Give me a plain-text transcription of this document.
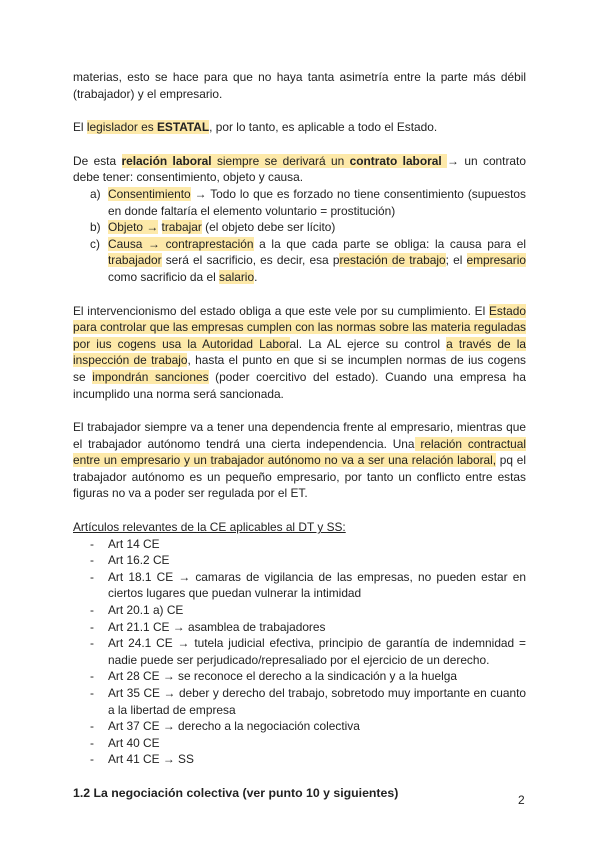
materias, esto se hace para que no haya tanta asimetría entre la parte más débil (trabajador) y el empresario.

El legislador es ESTATAL, por lo tanto, es aplicable a todo el Estado.

De esta relación laboral siempre se derivará un contrato laboral → un contrato debe tener: consentimiento, objeto y causa.

a) Consentimiento → Todo lo que es forzado no tiene consentimiento (supuestos en donde faltaría el elemento voluntario = prostitución)
b) Objeto → trabajar (el objeto debe ser lícito)
c) Causa → contraprestación a la que cada parte se obliga: la causa para el trabajador será el sacrificio, es decir, esa prestación de trabajo; el empresario como sacrificio da el salario.

El intervencionismo del estado obliga a que este vele por su cumplimiento. El Estado para controlar que las empresas cumplen con las normas sobre las materia reguladas por ius cogens usa la Autoridad Laboral. La AL ejerce su control a través de la inspección de trabajo, hasta el punto en que si se incumplen normas de ius cogens se impondrán sanciones (poder coercitivo del estado). Cuando una empresa ha incumplido una norma será sancionada.

El trabajador siempre va a tener una dependencia frente al empresario, mientras que el trabajador autónomo tendrá una cierta independencia. Una relación contractual entre un empresario y un trabajador autónomo no va a ser una relación laboral, pq el trabajador autónomo es un pequeño empresario, por tanto un conflicto entre estas figuras no va a poder ser regulada por el ET.

Artículos relevantes de la CE aplicables al DT y SS:

- Art 14 CE
- Art 16.2 CE
- Art 18.1 CE → camaras de vigilancia de las empresas, no pueden estar en ciertos lugares que puedan vulnerar la intimidad
- Art 20.1 a) CE
- Art 21.1 CE → asamblea de trabajadores
- Art 24.1 CE → tutela judicial efectiva, principio de garantía de indemnidad = nadie puede ser perjudicado/represaliado por el ejercicio de un derecho.
- Art 28 CE → se reconoce el derecho a la sindicación y a la huelga
- Art 35 CE → deber y derecho del trabajo, sobretodo muy importante en cuanto a la libertad de empresa
- Art 37 CE → derecho a la negociación colectiva
- Art 40 CE
- Art 41 CE → SS

1.2 La negociación colectiva (ver punto 10 y siguientes)

2
